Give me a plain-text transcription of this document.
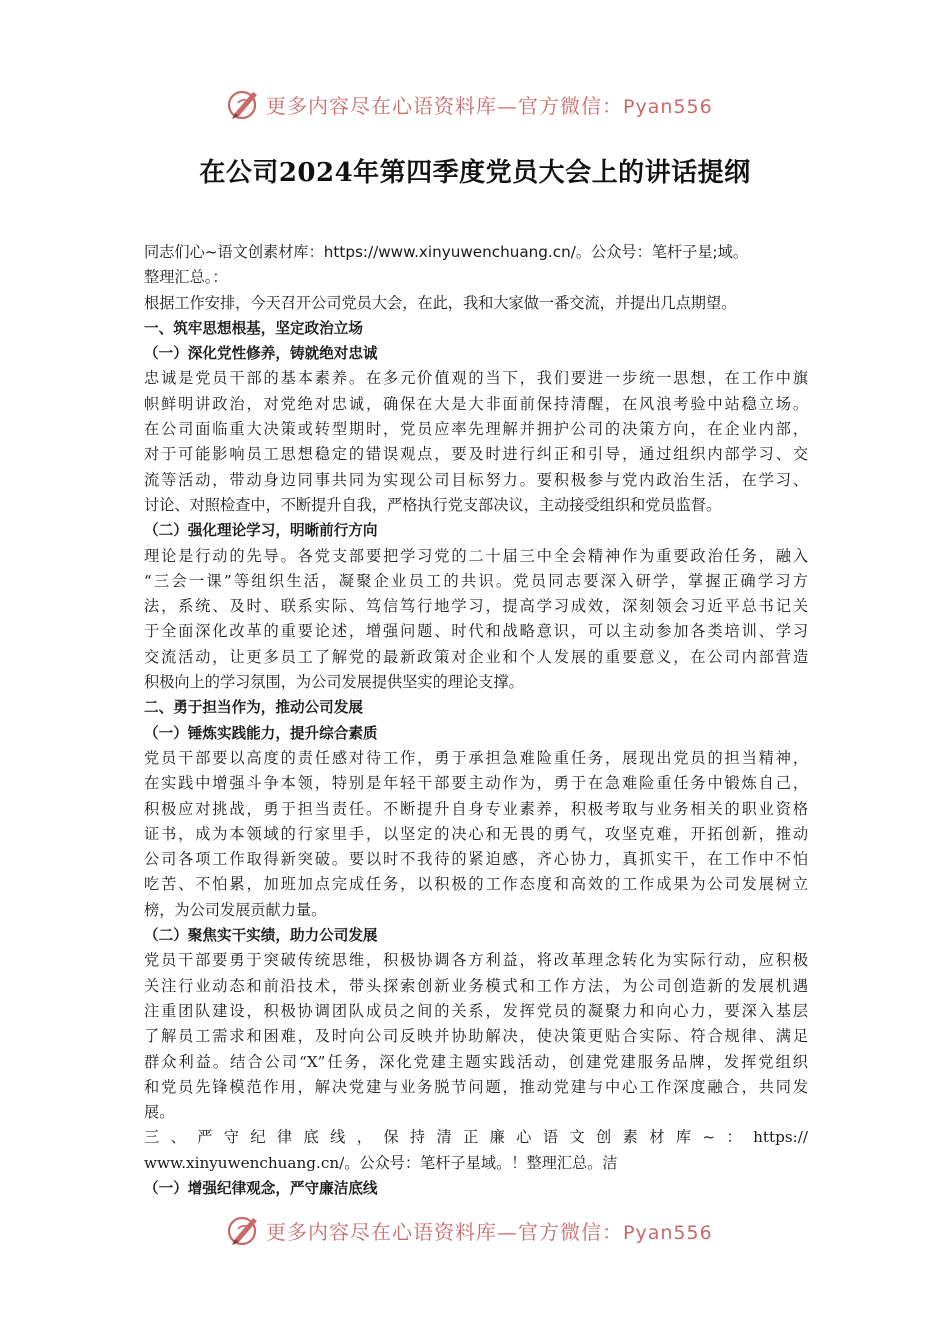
更多内容尽在心语资料库—官方微信：Pyan556
在公司2024年第四季度党员大会上的讲话提纲

同志们心~语文创素材库：https://www.xinyuwenchuang.cn/。公众号：笔杆子星;域。

整理汇总。：

根据工作安排，今天召开公司党员大会，在此，我和大家做一番交流，并提出几点期望。

一、筑牢思想根基，坚定政治立场

（一）深化党性修养，铸就绝对忠诚

忠诚是党员干部的基本素养。在多元价值观的当下，我们要进一步统一思想，在工作中旗

帜鲜明讲政治，对党绝对忠诚，确保在大是大非面前保持清醒，在风浪考验中站稳立场。

在公司面临重大决策或转型期时，党员应率先理解并拥护公司的决策方向，在企业内部，

对于可能影响员工思想稳定的错误观点，要及时进行纠正和引导，通过组织内部学习、交

流等活动，带动身边同事共同为实现公司目标努力。要积极参与党内政治生活，在学习、

讨论、对照检查中，不断提升自我，严格执行党支部决议，主动接受组织和党员监督。

（二）强化理论学习，明晰前行方向

理论是行动的先导。各党支部要把学习党的二十届三中全会精神作为重要政治任务，融入

“三会一课”等组织生活，凝聚企业员工的共识。党员同志要深入研学，掌握正确学习方

法，系统、及时、联系实际、笃信笃行地学习，提高学习成效，深刻领会习近平总书记关

于全面深化改革的重要论述，增强问题、时代和战略意识，可以主动参加各类培训、学习

交流活动，让更多员工了解党的最新政策对企业和个人发展的重要意义，在公司内部营造

积极向上的学习氛围，为公司发展提供坚实的理论支撑。

二、勇于担当作为，推动公司发展

（一）锤炼实践能力，提升综合素质

党员干部要以高度的责任感对待工作，勇于承担急难险重任务，展现出党员的担当精神，

在实践中增强斗争本领，特别是年轻干部要主动作为，勇于在急难险重任务中锻炼自己，

积极应对挑战，勇于担当责任。不断提升自身专业素养，积极考取与业务相关的职业资格

证书，成为本领域的行家里手，以坚定的决心和无畏的勇气，攻坚克难，开拓创新，推动

公司各项工作取得新突破。要以时不我待的紧迫感，齐心协力，真抓实干，在工作中不怕

吃苦、不怕累，加班加点完成任务，以积极的工作态度和高效的工作成果为公司发展树立

榜，为公司发展贡献力量。

（二）聚焦实干实绩，助力公司发展

党员干部要勇于突破传统思维，积极协调各方利益，将改革理念转化为实际行动，应积极

关注行业动态和前沿技术，带头探索创新业务模式和工作方法，为公司创造新的发展机遇

注重团队建设，积极协调团队成员之间的关系，发挥党员的凝聚力和向心力，要深入基层

了解员工需求和困难，及时向公司反映并协助解决，使决策更贴合实际、符合规律、满足

群众利益。结合公司“X”任务，深化党建主题实践活动，创建党建服务品牌，发挥党组织

和党员先锋模范作用，解决党建与业务脱节问题，推动党建与中心工作深度融合，共同发

展。

三、严守纪律底线，保持清正廉心语文创素材库~：https://

www.xinyuwenchuang.cn/。公众号：笔杆子星域。！整理汇总。洁

（一）增强纪律观念，严守廉洁底线

更多内容尽在心语资料库—官方微信：Pyan556
